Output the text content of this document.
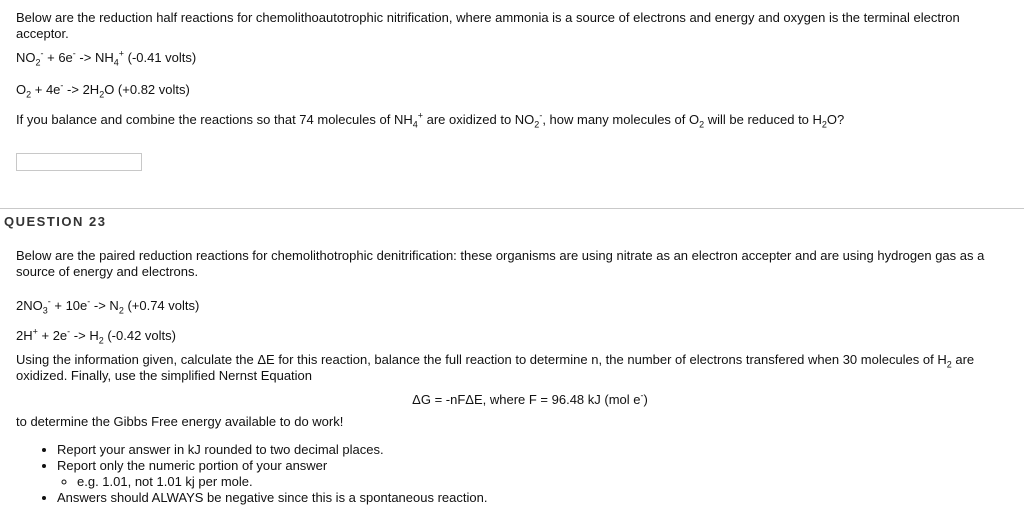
Below are the reduction half reactions for chemolithoautotrophic nitrification, where ammonia is a source of electrons and energy and oxygen is the terminal electron acceptor.

$NO_2^- + 6e^- -> NH_4^+$ (-0.41 volts)

$O_2 + 4e^- -> 2H_2O$ (+0.82 volts)

If you balance and combine the reactions so that 74 molecules of $NH_4^+$ are oxidized to $NO_2^-$, how many molecules of $O_2$ will be reduced to $H_2O$?

QUESTION 23

Below are the paired reduction reactions for chemolithotrophic denitrification: these organisms are using nitrate as an electron accepter and are using hydrogen gas as a source of energy and electrons.

$2NO_3^- + 10e^- -> N_2$ (+0.74 volts)

$2H^+ + 2e^- -> H_2$ (-0.42 volts)

Using the information given, calculate the ΔE for this reaction, balance the full reaction to determine n, the number of electrons transfered when 30 molecules of $H_2$ are oxidized. Finally, use the simplified Nernst Equation

ΔG = -nFΔE, where F = 96.48 kJ (mol e-)

to determine the Gibbs Free energy available to do work!

• Report your answer in kJ rounded to two decimal places.
• Report only the numeric portion of your answer
◦ e.g. 1.01, not 1.01 kj per mole.
• Answers should ALWAYS be negative since this is a spontaneous reaction.
